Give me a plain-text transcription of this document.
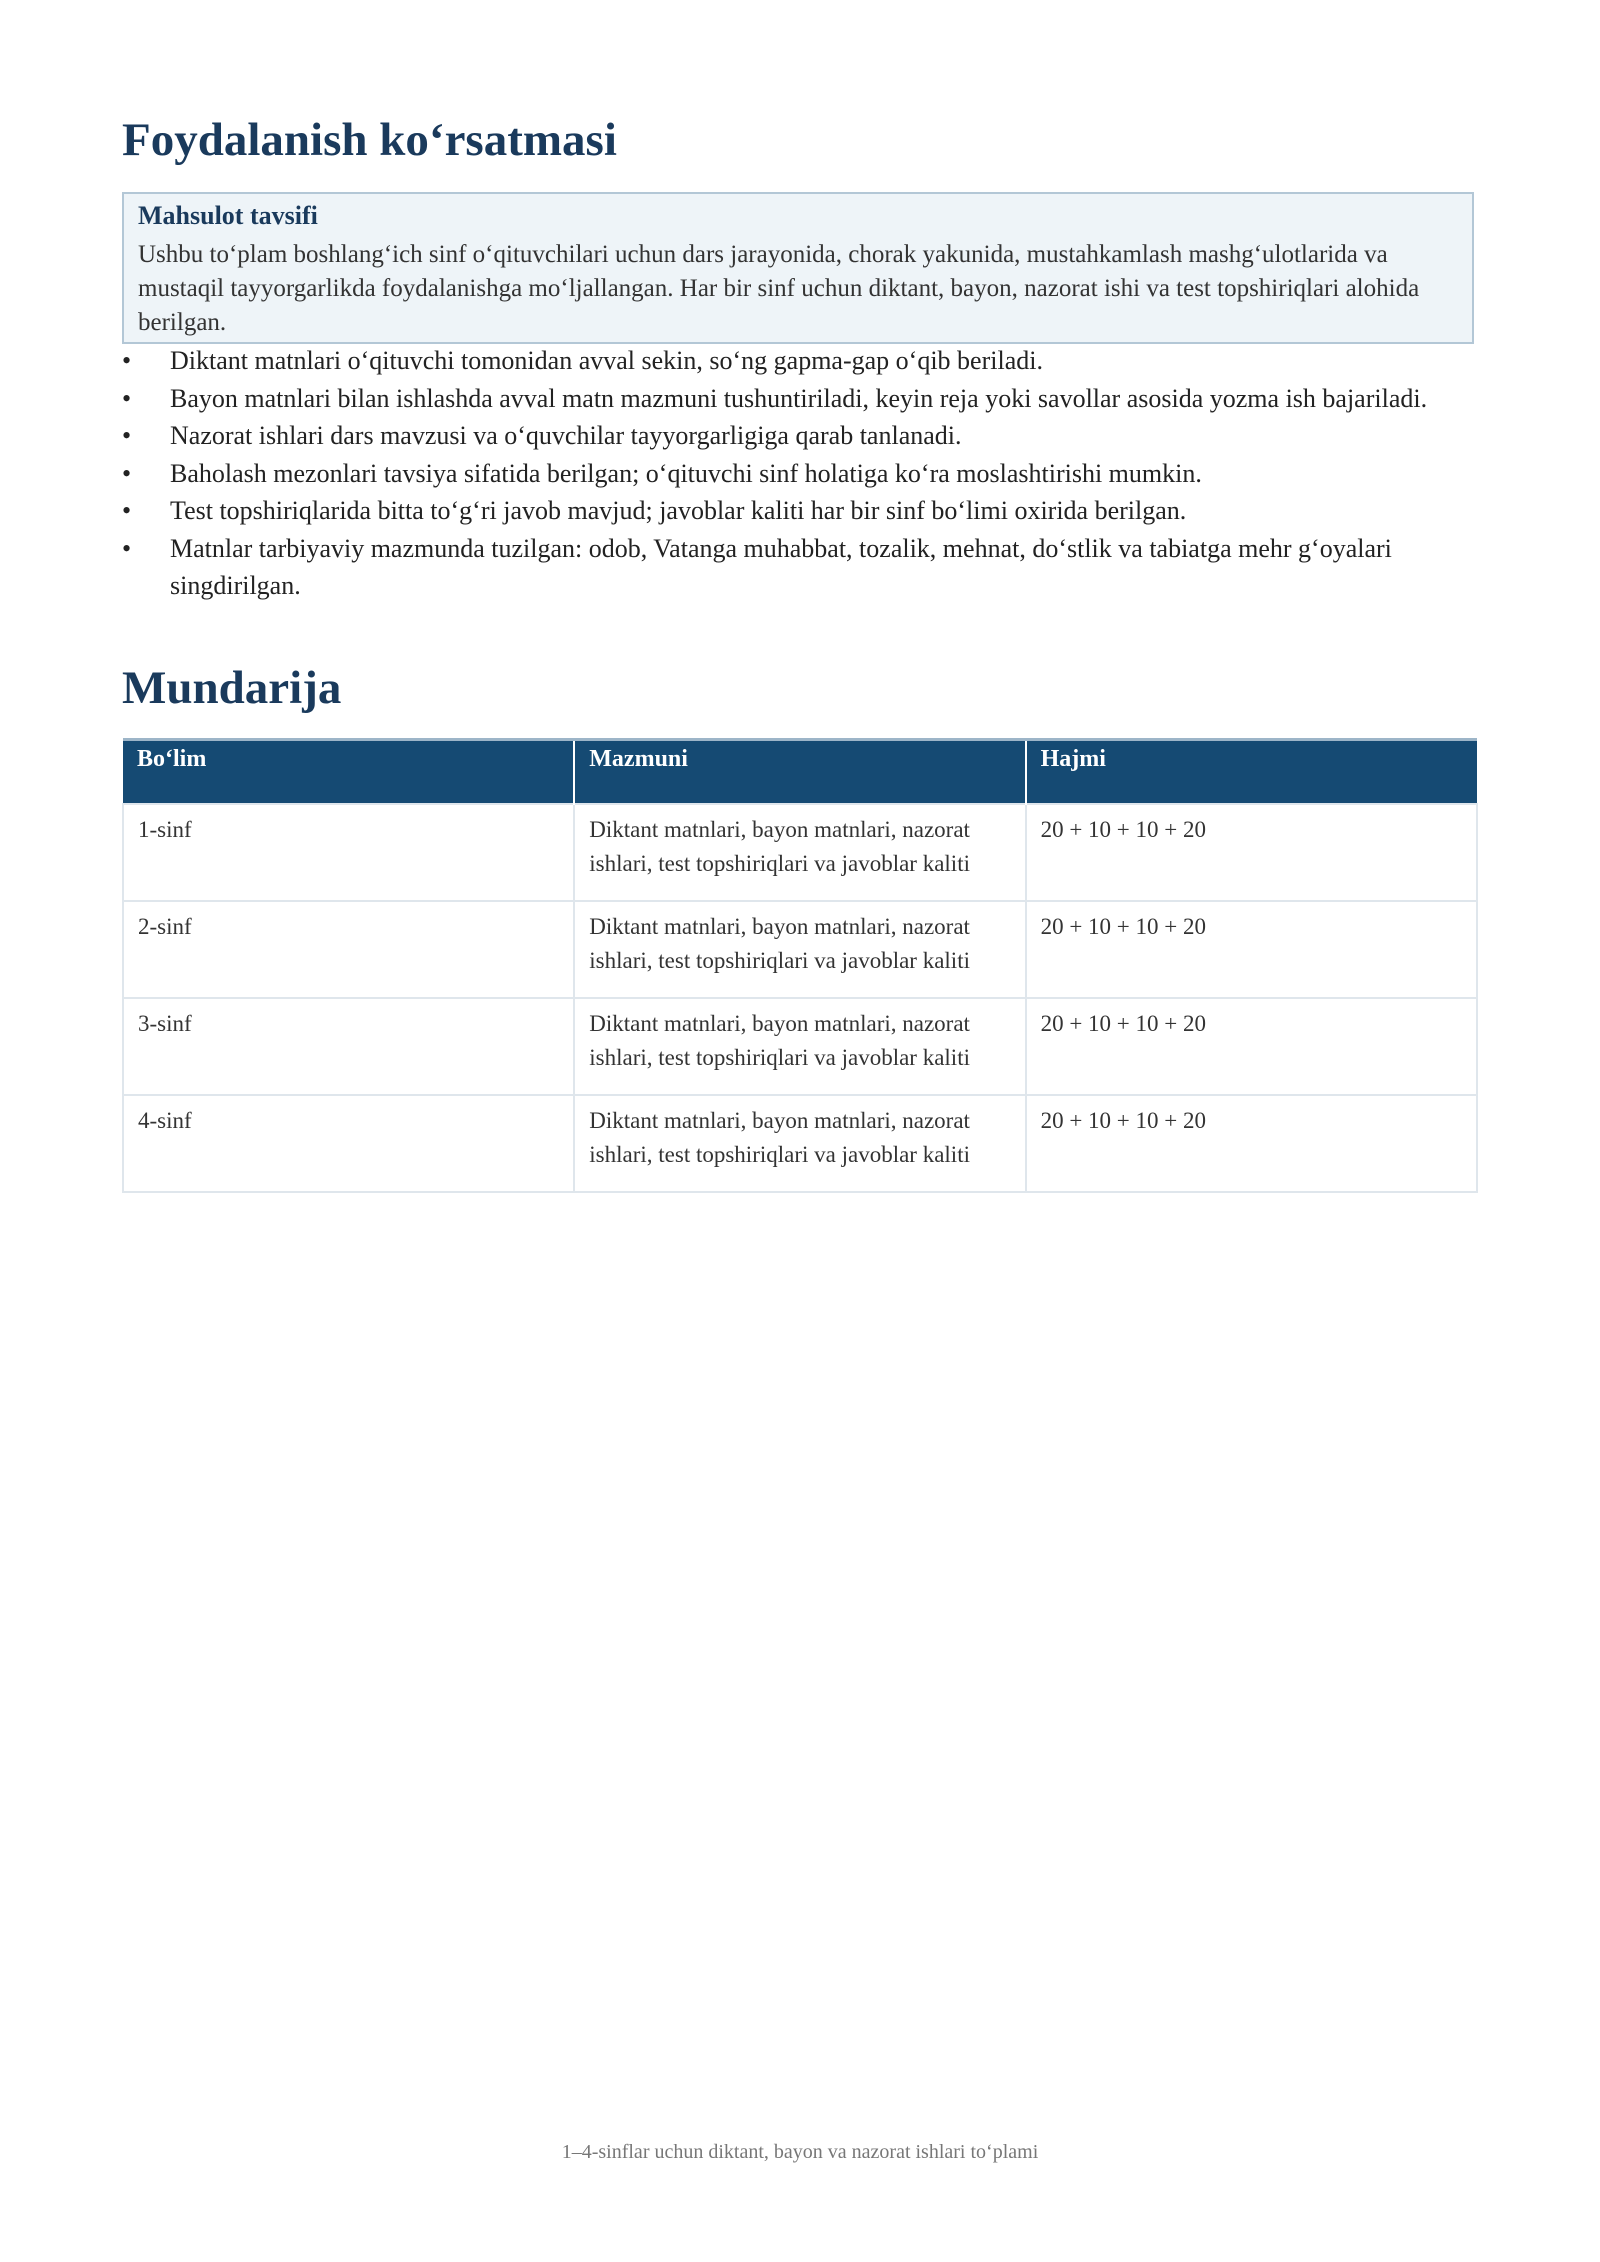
Foydalanish koʻrsatmasi
Mahsulot tavsifi
Ushbu toʻplam boshlangʻich sinf oʻqituvchilari uchun dars jarayonida, chorak yakunida, mustahkamlash mashgʻulotlarida va mustaqil tayyorgarlikda foydalanishga moʻljallangan. Har bir sinf uchun diktant, bayon, nazorat ishi va test topshiriqlari alohida berilgan.
• Diktant matnlari oʻqituvchi tomonidan avval sekin, soʻng gapma-gap oʻqib beriladi.
• Bayon matnlari bilan ishlashda avval matn mazmuni tushuntiriladi, keyin reja yoki savollar asosida yozma ish bajariladi.
• Nazorat ishlari dars mavzusi va oʻquvchilar tayyorgarligiga qarab tanlanadi.
• Baholash mezonlari tavsiya sifatida berilgan; oʻqituvchi sinf holatiga koʻra moslashtirishi mumkin.
• Test topshiriqlarida bitta toʻgʻri javob mavjud; javoblar kaliti har bir sinf boʻlimi oxirida berilgan.
• Matnlar tarbiyaviy mazmunda tuzilgan: odob, Vatanga muhabbat, tozalik, mehnat, doʻstlik va tabiatga mehr gʻoyalari singdirilgan.
Mundarija
Boʻlim	Mazmuni	Hajmi
1-sinf	Diktant matnlari, bayon matnlari, nazorat ishlari, test topshiriqlari va javoblar kaliti	20 + 10 + 10 + 20
2-sinf	Diktant matnlari, bayon matnlari, nazorat ishlari, test topshiriqlari va javoblar kaliti	20 + 10 + 10 + 20
3-sinf	Diktant matnlari, bayon matnlari, nazorat ishlari, test topshiriqlari va javoblar kaliti	20 + 10 + 10 + 20
4-sinf	Diktant matnlari, bayon matnlari, nazorat ishlari, test topshiriqlari va javoblar kaliti	20 + 10 + 10 + 20
1–4-sinflar uchun diktant, bayon va nazorat ishlari toʻplami
